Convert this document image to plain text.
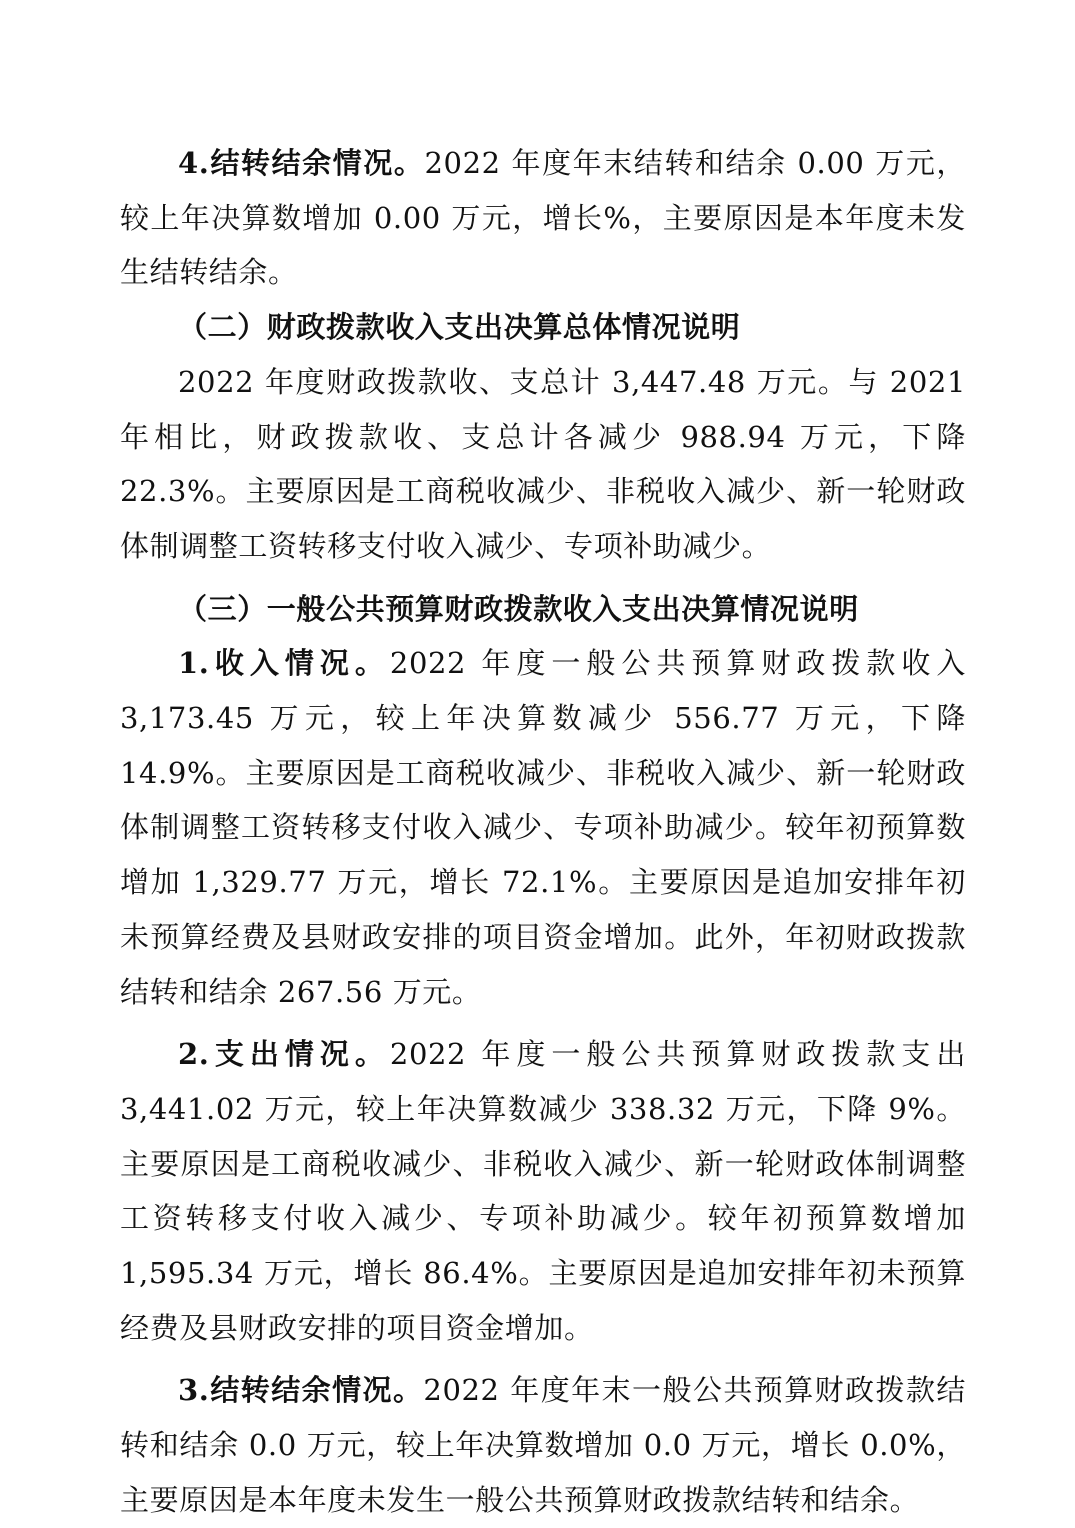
4.结转结余情况。2022 年度年末结转和结余 0.00 万元，较上年决算数增加 0.00 万元，增长%，主要原因是本年度未发生结转结余。

（二）财政拨款收入支出决算总体情况说明

2022 年度财政拨款收、支总计 3,447.48 万元。与 2021 年相比，财政拨款收、支总计各减少 988.94 万元，下降 22.3%。主要原因是工商税收减少、非税收入减少、新一轮财政体制调整工资转移支付收入减少、专项补助减少。

（三）一般公共预算财政拨款收入支出决算情况说明

1.收入情况。2022 年度一般公共预算财政拨款收入 3,173.45 万元，较上年决算数减少 556.77 万元，下降 14.9%。主要原因是工商税收减少、非税收入减少、新一轮财政体制调整工资转移支付收入减少、专项补助减少。较年初预算数增加 1,329.77 万元，增长 72.1%。主要原因是追加安排年初未预算经费及县财政安排的项目资金增加。此外，年初财政拨款结转和结余 267.56 万元。

2.支出情况。2022 年度一般公共预算财政拨款支出 3,441.02 万元，较上年决算数减少 338.32 万元，下降 9%。主要原因是工商税收减少、非税收入减少、新一轮财政体制调整工资转移支付收入减少、专项补助减少。较年初预算数增加 1,595.34 万元，增长 86.4%。主要原因是追加安排年初未预算经费及县财政安排的项目资金增加。

3.结转结余情况。2022 年度年末一般公共预算财政拨款结转和结余 0.0 万元，较上年决算数增加 0.0 万元，增长 0.0%，主要原因是本年度未发生一般公共预算财政拨款结转和结余。
